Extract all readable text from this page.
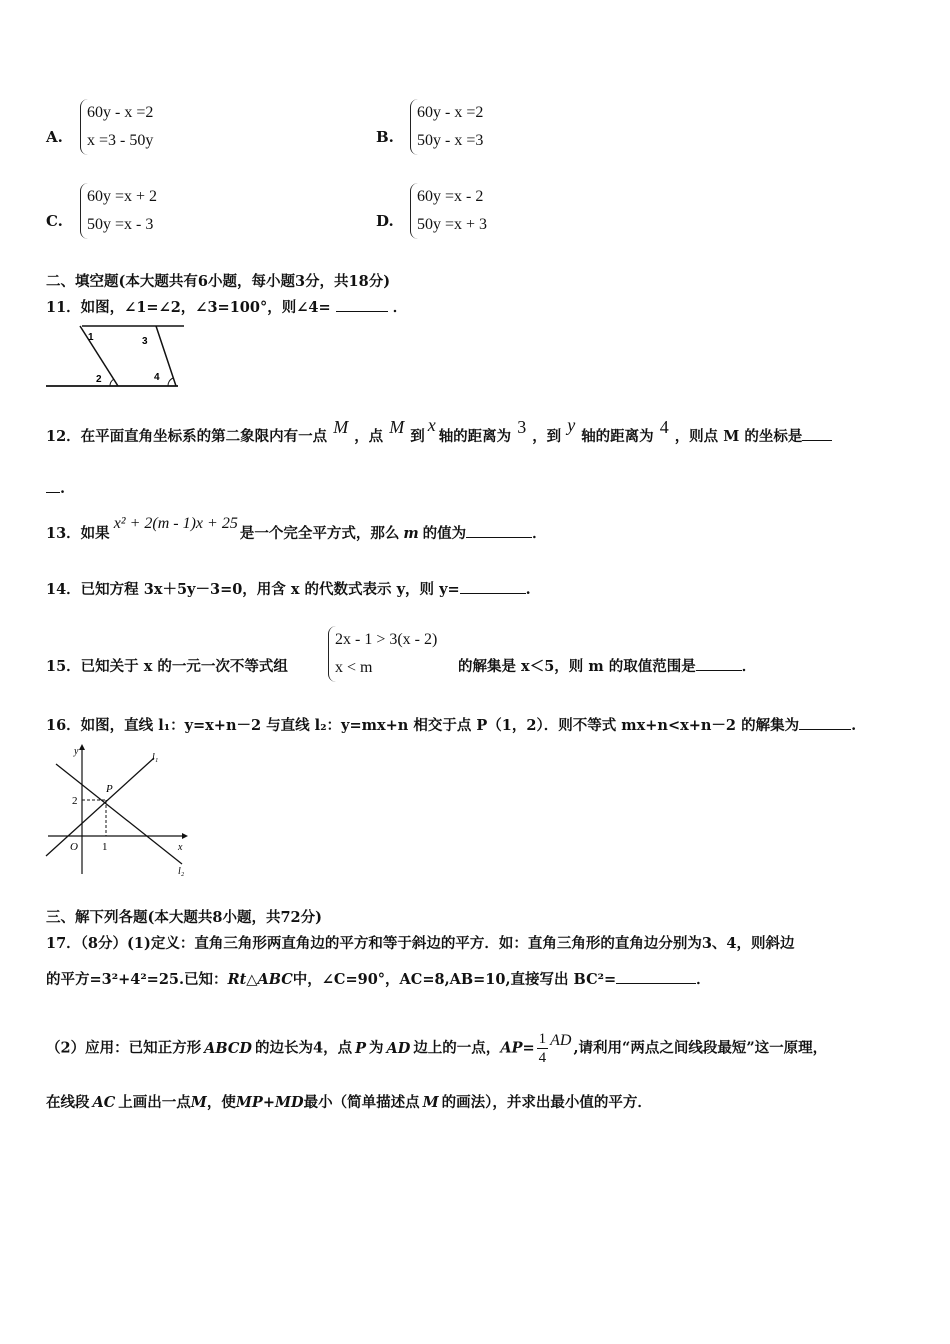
A.
60y - x =2
x =3 - 50y	B.
60y - x =2
50y - x =3
C.
60y =x + 2
50y =x - 3	D.
60y =x - 2
50y =x + 3
二、填空题(本大题共有6小题，每小题3分，共18分)
11．如图，∠1=∠2，∠3=100°，则∠4=	．
1	3
2	4
12．在平面直角坐标系的第二象限内有一点 M ，点 M 到x轴的距离为 3 ，到y轴的距离为 4 ，则点 M 的坐标是
.
13．如果x² + 2(m - 1)x + 25是一个完全平方式，那么 m 的值为	．
14．已知方程 3x＋5y－3=0，用含 x 的代数式表示 y，则 y=	.
15．已知关于 x 的一元一次不等式组
2x - 1 > 3(x - 2)
x < m	的解集是 x＜5，则 m 的取值范围是	．
16．如图，直线 l₁：y=x+n－2 与直线 l₂：y=mx+n 相交于点 P（1，2）．则不等式 mx+n<x+n－2 的解集为	.
y
l₁
P
2
O 1	x
l₂
三、解下列各题(本大题共8小题，共72分)
17．（8分）(1)定义：直角三角形两直角边的平方和等于斜边的平方．如：直角三角形的直角边分别为3、4，则斜边
的平方=3²+4²=25.已知：Rt△ABC中，∠C=90°，AC=8,AB=10,直接写出 BC²=	．
（2）应用：已知正方形 ABCD 的边长为4，点 P 为 AD 边上的一点，$AP= \frac{1}{4}$ AD ,请利用“两点之间线段最短”这一原理，
在线段 AC 上画出一点M，使MP+MD最小（简单描述点 M 的画法），并求出最小值的平方．
